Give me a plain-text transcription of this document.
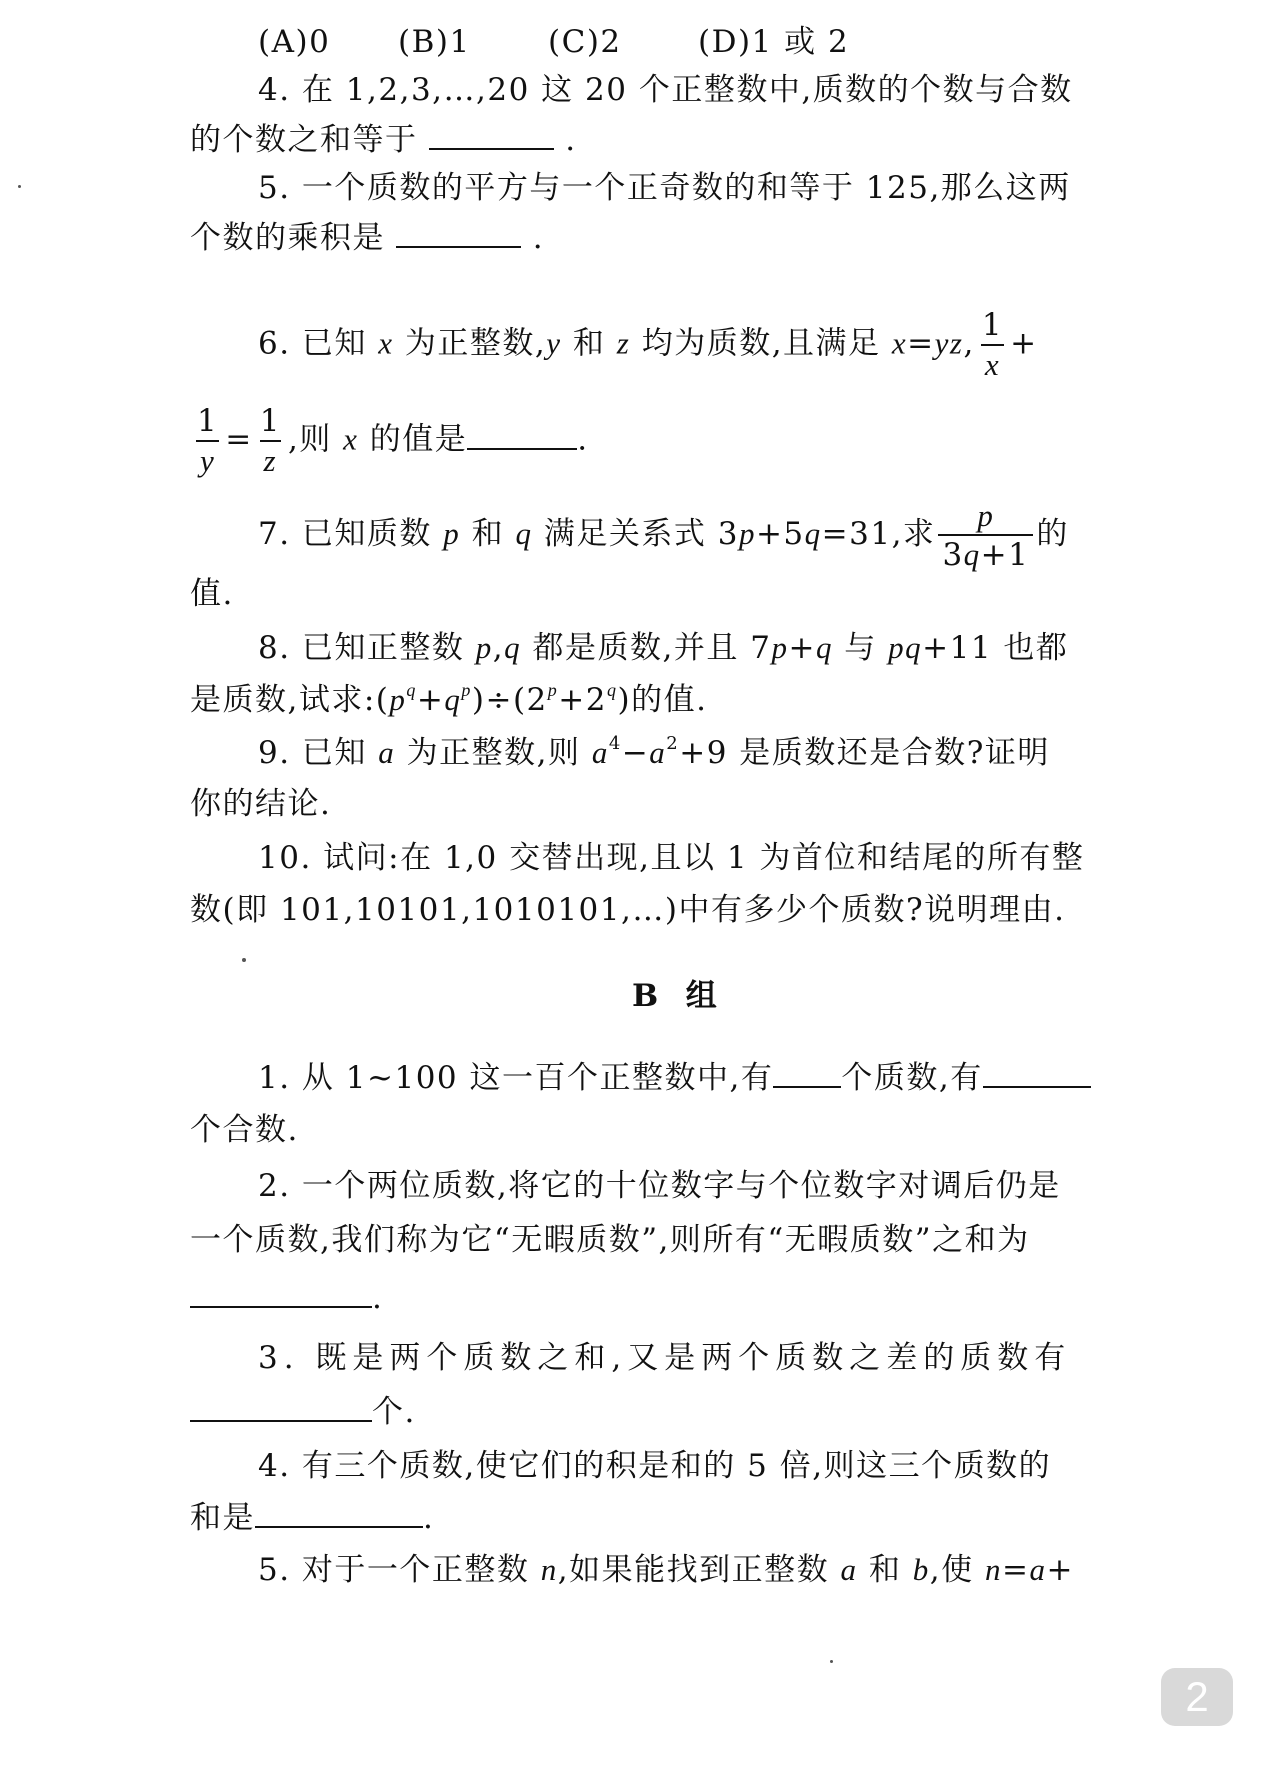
(A)0 (B)1 (C)2 (D)1 或 2
4. 在 1,2,3,…,20 这 20 个正整数中,质数的个数与合数
的个数之和等于	.
5. 一个质数的平方与一个正奇数的和等于 125,那么这两
个数的乘积是	.
6. 已知 x 为正整数,y 和 z 均为质数,且满足 x=yz, $\frac{1}{x}$ +
$\frac{1}{y} = \frac{1}{z}$ ,则 x 的值是	.
7. 已知质数 p 和 q 满足关系式 3p+5q=31,求 $\frac{p}{3q+1}$ 的
值.
8. 已知正整数 p,q 都是质数,并且 7p+q 与 pq+11 也都
是质数,试求$:(p^q+q^p)\div(2^p+2^q)$的值.
9. 已知 a 为正整数,则 $a^4-a^2+9$ 是质数还是合数?证明
你的结论.
10. 试问:在 1,0 交替出现,且以 1 为首位和结尾的所有整
数(即 101,10101,1010101,…)中有多少个质数?说明理由.
B  组
1. 从 1~100 这一百个正整数中,有 个质数,有
个合数.
2. 一个两位质数,将它的十位数字与个位数字对调后仍是
一个质数,我们称为它“无暇质数”,则所有“无暇质数”之和为
.
3. 既是两个质数之和,又是两个质数之差的质数有
个.
4. 有三个质数,使它们的积是和的 5 倍,则这三个质数的
和是	.
5. 对于一个正整数 n,如果能找到正整数 a 和 b,使 n=a+
2
